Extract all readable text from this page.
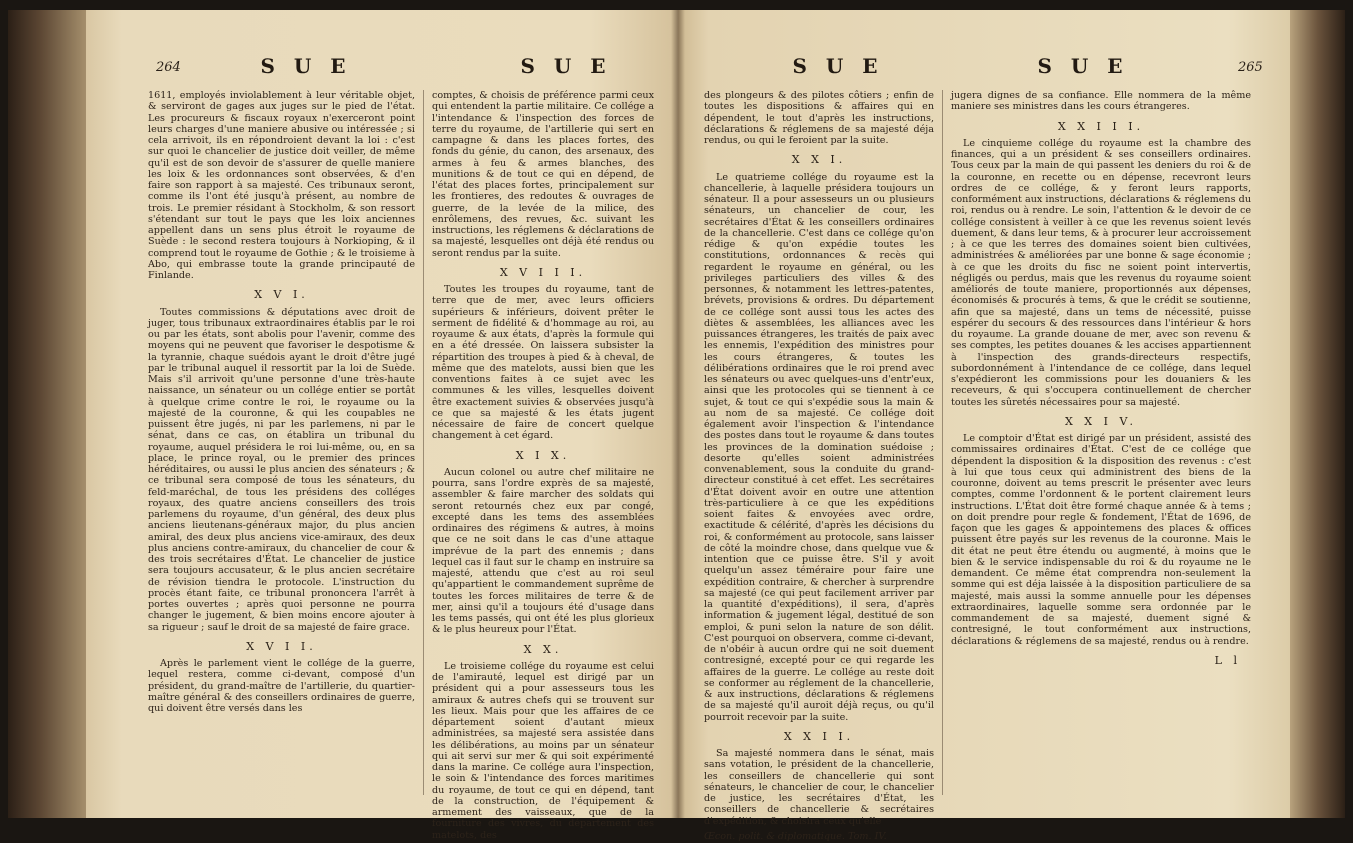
264	S U E	S U E

1611, employés inviolablement à leur véritable objet, & serviront de gages aux juges sur le pied de l'état. Les procureurs & fiscaux royaux n'exerceront point leurs charges d'une maniere abusive ou intéressée ; si cela arrivoit, ils en répondroient devant la loi : c'est sur quoi le chancelier de justice doit veiller, de même qu'il est de son devoir de s'assurer de quelle maniere les loix & les ordonnances sont observées, & d'en faire son rapport à sa majesté. Ces tribunaux seront, comme ils l'ont été jusqu'à présent, au nombre de trois. Le premier résidant à Stockholm, & son ressort s'étendant sur tout le pays que les loix anciennes appellent dans un sens plus étroit le royaume de Suède : le second restera toujours à Norkioping, & il comprend tout le royaume de Gothie ; & le troisieme à Abo, qui embrasse toute la grande principauté de Finlande.

X V I.

Toutes commissions & députations avec droit de juger, tous tribunaux extraordinaires établis par le roi ou par les états, sont abolis pour l'avenir, comme des moyens qui ne peuvent que favoriser le despotisme & la tyrannie, chaque suédois ayant le droit d'être jugé par le tribunal auquel il ressortit par la loi de Suède. Mais s'il arrivoit qu'une personne d'une très-haute naissance, un sénateur ou un collége entier se portât à quelque crime contre le roi, le royaume ou la majesté de la couronne, & qui les coupables ne puissent être jugés, ni par les parlemens, ni par le sénat, dans ce cas, on établira un tribunal du royaume, auquel présidera le roi lui-même, ou, en sa place, le prince royal, ou le premier des princes héréditaires, ou aussi le plus ancien des sénateurs ; & ce tribunal sera composé de tous les sénateurs, du feld-maréchal, de tous les présidens des colléges royaux, des quatre anciens conseillers des trois parlemens du royaume, d'un général, des deux plus anciens lieutenans-généraux major, du plus ancien amiral, des deux plus anciens vice-amiraux, des deux plus anciens contre-amiraux, du chancelier de cour & des trois secrétaires d'État. Le chancelier de justice sera toujours accusateur, & le plus ancien secrétaire de révision tiendra le protocole. L'instruction du procès étant faite, ce tribunal prononcera l'arrêt à portes ouvertes ; après quoi personne ne pourra changer le jugement, & bien moins encore ajouter à sa rigueur ; sauf le droit de sa majesté de faire grace.

X V I I.

Après le parlement vient le collége de la guerre, lequel restera, comme ci-devant, composé d'un président, du grand-maître de l'artillerie, du quartier-maître général & des conseillers ordinaires de guerre, qui doivent être versés dans les

comptes, & choisis de préférence parmi ceux qui entendent la partie militaire. Ce collége a l'intendance & l'inspection des forces de terre du royaume, de l'artillerie qui sert en campagne & dans les places fortes, des fonds du génie, du canon, des arsenaux, des armes à feu & armes blanches, des munitions & de tout ce qui en dépend, de l'état des places fortes, principalement sur les frontieres, des redoutes & ouvrages de guerre, de la levée de la milice, des enrôlemens, des revues, &c. suivant les instructions, les réglemens & déclarations de sa majesté, lesquelles ont déjà été rendus ou seront rendus par la suite.

X V I I I.

Toutes les troupes du royaume, tant de terre que de mer, avec leurs officiers supérieurs & inférieurs, doivent prêter le serment de fidélité & d'hommage au roi, au royaume & aux états, d'après la formule qui en a été dressée. On laissera subsister la répartition des troupes à pied & à cheval, de même que des matelots, aussi bien que les conventions faites à ce sujet avec les communes & les villes, lesquelles doivent être exactement suivies & observées jusqu'à ce que sa majesté & les états jugent nécessaire de faire de concert quelque changement à cet égard.

X I X.

Aucun colonel ou autre chef militaire ne pourra, sans l'ordre exprès de sa majesté, assembler & faire marcher des soldats qui seront retournés chez eux par congé, excepté dans les tems des assemblées ordinaires des régimens & autres, à moins que ce ne soit dans le cas d'une attaque imprévue de la part des ennemis ; dans lequel cas il faut sur le champ en instruire sa majesté, attendu que c'est au roi seul qu'appartient le commandement suprême de toutes les forces militaires de terre & de mer, ainsi qu'il a toujours été d'usage dans les tems passés, qui ont été les plus glorieux & le plus heureux pour l'État.

X X.

Le troisieme collége du royaume est celui de l'amirauté, lequel est dirigé par un président qui a pour assesseurs tous les amiraux & autres chefs qui se trouvent sur les lieux. Mais pour que les affaires de ce département soient d'autant mieux administrées, sa majesté sera assistée dans les délibérations, au moins par un sénateur qui ait servi sur mer & qui soit expérimenté dans la marine. Ce collége aura l'inspection, le soin & l'intendance des forces maritimes du royaume, de tout ce qui en dépend, tant de la construction, de l'équipement & armement des vaisseaux, que de la fourniture des vivres, du département des matelots, des

S U E	S U E	265

des plongeurs & des pilotes côtiers ; enfin de toutes les dispositions & affaires qui en dépendent, le tout d'après les instructions, déclarations & réglemens de sa majesté déja rendus, ou qui le feroient par la suite.

X X I.

Le quatrieme collége du royaume est la chancellerie, à laquelle présidera toujours un sénateur. Il a pour assesseurs un ou plusieurs sénateurs, un chancelier de cour, les secrétaires d'État & les conseillers ordinaires de la chancellerie. C'est dans ce collége qu'on rédige & qu'on expédie toutes les constitutions, ordonnances & recès qui regardent le royaume en général, ou les privileges particuliers des villes & des personnes, & notamment les lettres-patentes, brévets, provisions & ordres. Du département de ce collége sont aussi tous les actes des diètes & assemblées, les alliances avec les puissances étrangeres, les traités de paix avec les ennemis, l'expédition des ministres pour les cours étrangeres, & toutes les délibérations ordinaires que le roi prend avec les sénateurs ou avec quelques-uns d'entr'eux, ainsi que les protocoles qui se tiennent à ce sujet, & tout ce qui s'expédie sous la main & au nom de sa majesté. Ce collége doit également avoir l'inspection & l'intendance des postes dans tout le royaume & dans toutes les provinces de la domination suédoise ; desorte qu'elles soient administrées convenablement, sous la conduite du grand-directeur constitué à cet effet. Les secrétaires d'État doivent avoir en outre une attention très-particuliere à ce que les expéditions soient faites & envoyées avec ordre, exactitude & célérité, d'après les décisions du roi, & conformément au protocole, sans laisser de côté la moindre chose, dans quelque vue & intention que ce puisse être. S'il y avoit quelqu'un assez téméraire pour faire une expédition contraire, & chercher à surprendre sa majesté (ce qui peut facilement arriver par la quantité d'expéditions), il sera, d'après information & jugement légal, destitué de son emploi, & puni selon la nature de son délit. C'est pourquoi on observera, comme ci-devant, de n'obéir à aucun ordre qui ne soit duement contresigné, excepté pour ce qui regarde les affaires de la guerre. Le collége au reste doit se conformer au réglement de la chancellerie, & aux instructions, déclarations & réglemens de sa majesté qu'il auroit déjà reçus, ou qu'il pourroit recevoir par la suite.

X X I I.

Sa majesté nommera dans le sénat, mais sans votation, le président de la chancellerie, les conseillers de chancellerie qui sont sénateurs, le chancelier de cour, le chancelier de justice, les secrétaires d'État, les conseillers de chancellerie & secrétaires d'expédition, & choisira ceux qu'elle

Œcon. polit. & diplomatique. Tom. IV.

jugera dignes de sa confiance. Elle nommera de la même maniere ses ministres dans les cours étrangeres.

X X I I I.

Le cinquieme collége du royaume est la chambre des finances, qui a un président & ses conseillers ordinaires. Tous ceux par la main de qui passent les deniers du roi & de la couronne, en recette ou en dépense, recevront leurs ordres de ce collége, & y feront leurs rapports, conformément aux instructions, déclarations & réglemens du roi, rendus ou à rendre. Le soin, l'attention & le devoir de ce collége consistent à veiller à ce que les revenus soient levés duement, & dans leur tems, & à procurer leur accroissement ; à ce que les terres des domaines soient bien cultivées, administrées & améliorées par une bonne & sage économie ; à ce que les droits du fisc ne soient point intervertis, négligés ou perdus, mais que les revenus du royaume soient améliorés de toute maniere, proportionnés aux dépenses, économisés & procurés à tems, & que le crédit se soutienne, afin que sa majesté, dans un tems de nécessité, puisse espérer du secours & des ressources dans l'intérieur & hors du royaume. La grande douane de mer, avec son revenu & ses comptes, les petites douanes & les accises appartiennent à l'inspection des grands-directeurs respectifs, subordonnément à l'intendance de ce collége, dans lequel s'expédieront les commissions pour les douaniers & les receveurs, & qui s'occupera continuellement de chercher toutes les sûretés nécessaires pour sa majesté.

X X I V.

Le comptoir d'État est dirigé par un président, assisté des commissaires ordinaires d'État. C'est de ce collége que dépendent la disposition & la disposition des revenus : c'est à lui que tous ceux qui administrent des biens de la couronne, doivent au tems prescrit le présenter avec leurs comptes, comme l'ordonnent & le portent clairement leurs instructions. L'État doit être formé chaque année & à tems ; on doit prendre pour regle & fondement, l'État de 1696, de façon que les gages & appointemens des places & offices puissent être payés sur les revenus de la couronne. Mais le dit état ne peut être étendu ou augmenté, à moins que le bien & le service indispensable du roi & du royaume ne le demandent. Ce même état comprendra non-seulement la somme qui est déja laissée à la disposition particuliere de sa majesté, mais aussi la somme annuelle pour les dépenses extraordinaires, laquelle somme sera ordonnée par le commandement de sa majesté, duement signé & contresigné, le tout conformément aux instructions, déclarations & réglemens de sa majesté, rendus ou à rendre.

L l
